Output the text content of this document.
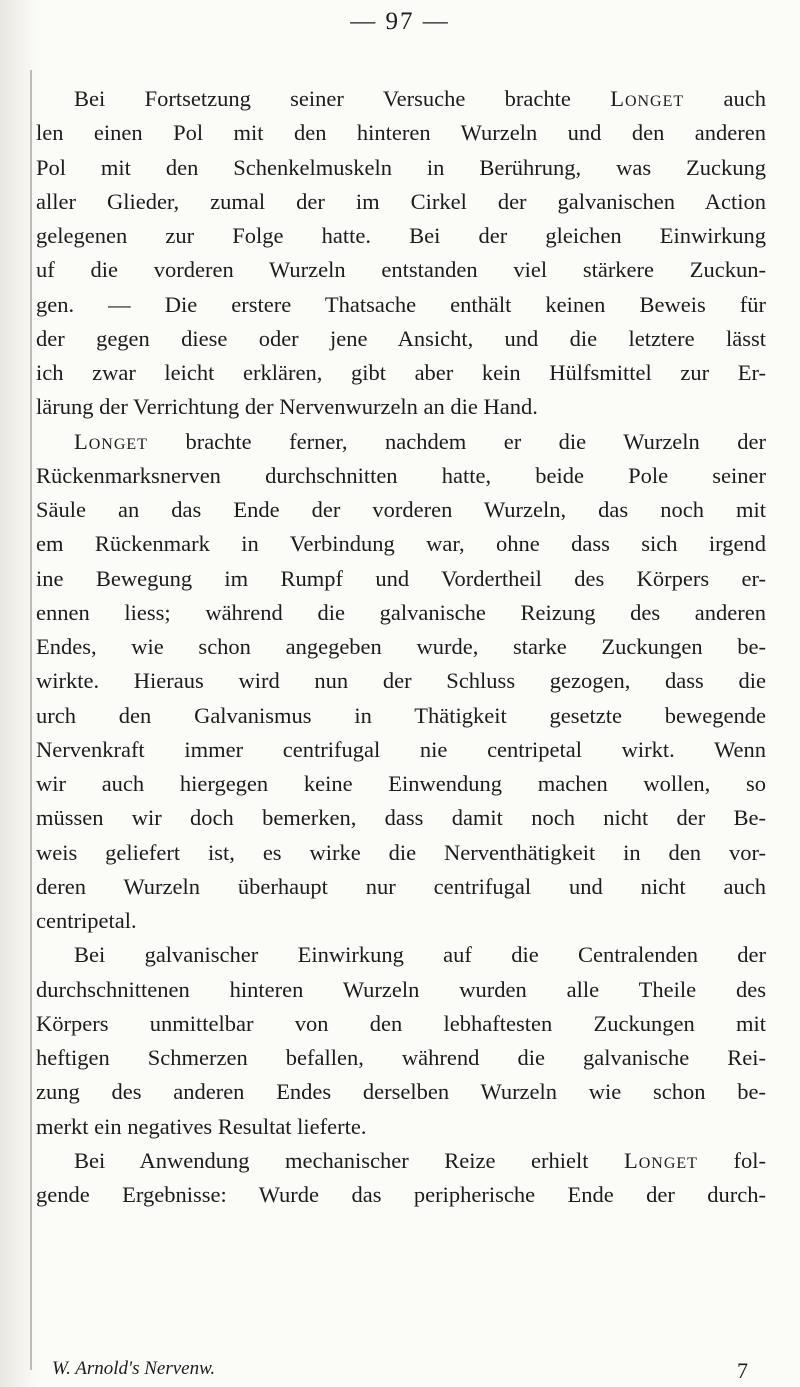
— 97 —
Bei Fortsetzung seiner Versuche brachte Longet auch
len einen Pol mit den hinteren Wurzeln und den anderen
Pol mit den Schenkelmuskeln in Berührung, was Zuckung
aller Glieder, zumal der im Cirkel der galvanischen Action
gelegenen zur Folge hatte. Bei der gleichen Einwirkung
uf die vorderen Wurzeln entstanden viel stärkere Zuckun-
gen. — Die erstere Thatsache enthält keinen Beweis für
der gegen diese oder jene Ansicht, und die letztere lässt
ich zwar leicht erklären, gibt aber kein Hülfsmittel zur Er-
lärung der Verrichtung der Nervenwurzeln an die Hand.
Longet brachte ferner, nachdem er die Wurzeln der
Rückenmarksnerven durchschnitten hatte, beide Pole seiner
Säule an das Ende der vorderen Wurzeln, das noch mit
em Rückenmark in Verbindung war, ohne dass sich irgend
ine Bewegung im Rumpf und Vordertheil des Körpers er-
ennen liess; während die galvanische Reizung des anderen
Endes, wie schon angegeben wurde, starke Zuckungen be-
wirkte. Hieraus wird nun der Schluss gezogen, dass die
urch den Galvanismus in Thätigkeit gesetzte bewegende
Nervenkraft immer centrifugal nie centripetal wirkt. Wenn
wir auch hiergegen keine Einwendung machen wollen, so
müssen wir doch bemerken, dass damit noch nicht der Be-
weis geliefert ist, es wirke die Nerventhätigkeit in den vor-
deren Wurzeln überhaupt nur centrifugal und nicht auch
centripetal.
Bei galvanischer Einwirkung auf die Centralenden der
durchschnittenen hinteren Wurzeln wurden alle Theile des
Körpers unmittelbar von den lebhaftesten Zuckungen mit
heftigen Schmerzen befallen, während die galvanische Rei-
zung des anderen Endes derselben Wurzeln wie schon be-
merkt ein negatives Resultat lieferte.
Bei Anwendung mechanischer Reize erhielt Longet fol-
gende Ergebnisse: Wurde das peripherische Ende der durch-
W. Arnold's Nervenw.	7
